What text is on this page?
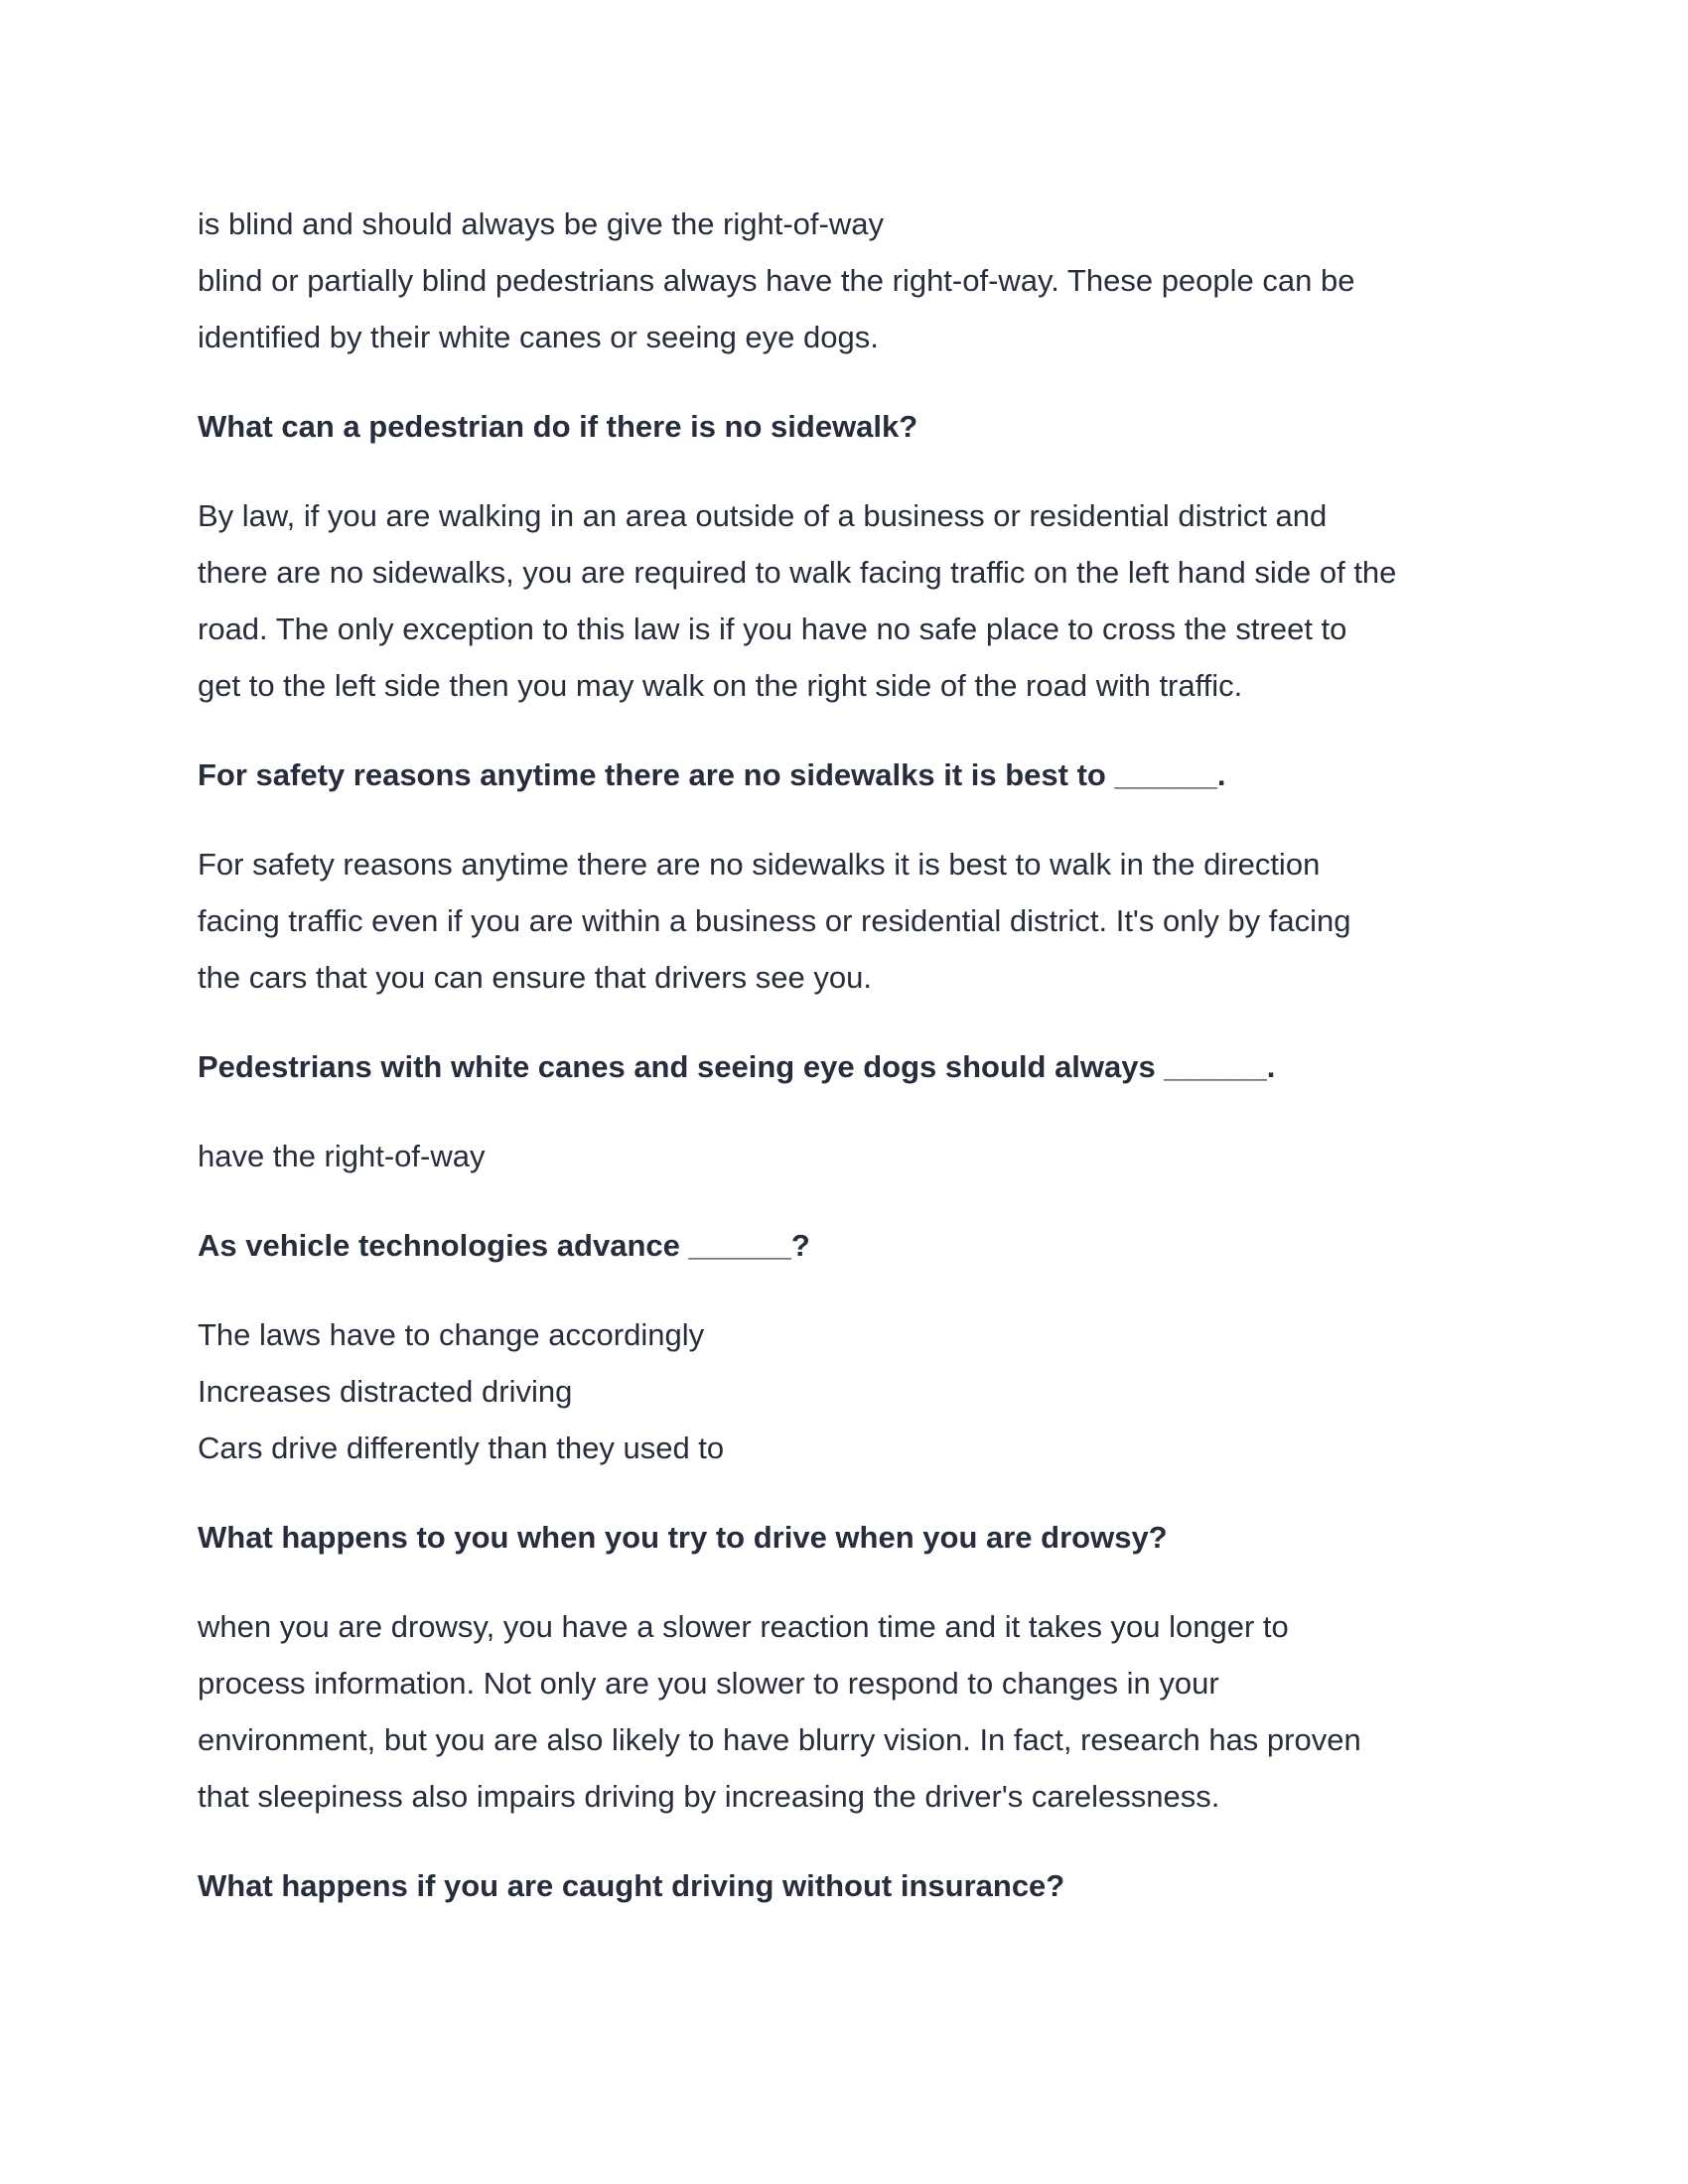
is blind and should always be give the right-of-way

blind or partially blind pedestrians always have the right-of-way. These people can be

identified by their white canes or seeing eye dogs.

What can a pedestrian do if there is no sidewalk?

By law, if you are walking in an area outside of a business or residential district and

there are no sidewalks, you are required to walk facing traffic on the left hand side of the

road. The only exception to this law is if you have no safe place to cross the street to

get to the left side then you may walk on the right side of the road with traffic.

For safety reasons anytime there are no sidewalks it is best to ______.

For safety reasons anytime there are no sidewalks it is best to walk in the direction

facing traffic even if you are within a business or residential district. It's only by facing

the cars that you can ensure that drivers see you.

Pedestrians with white canes and seeing eye dogs should always ______.

have the right-of-way

As vehicle technologies advance ______?

The laws have to change accordingly

Increases distracted driving

Cars drive differently than they used to

What happens to you when you try to drive when you are drowsy?

when you are drowsy, you have a slower reaction time and it takes you longer to

process information. Not only are you slower to respond to changes in your

environment, but you are also likely to have blurry vision. In fact, research has proven

that sleepiness also impairs driving by increasing the driver's carelessness.

What happens if you are caught driving without insurance?
